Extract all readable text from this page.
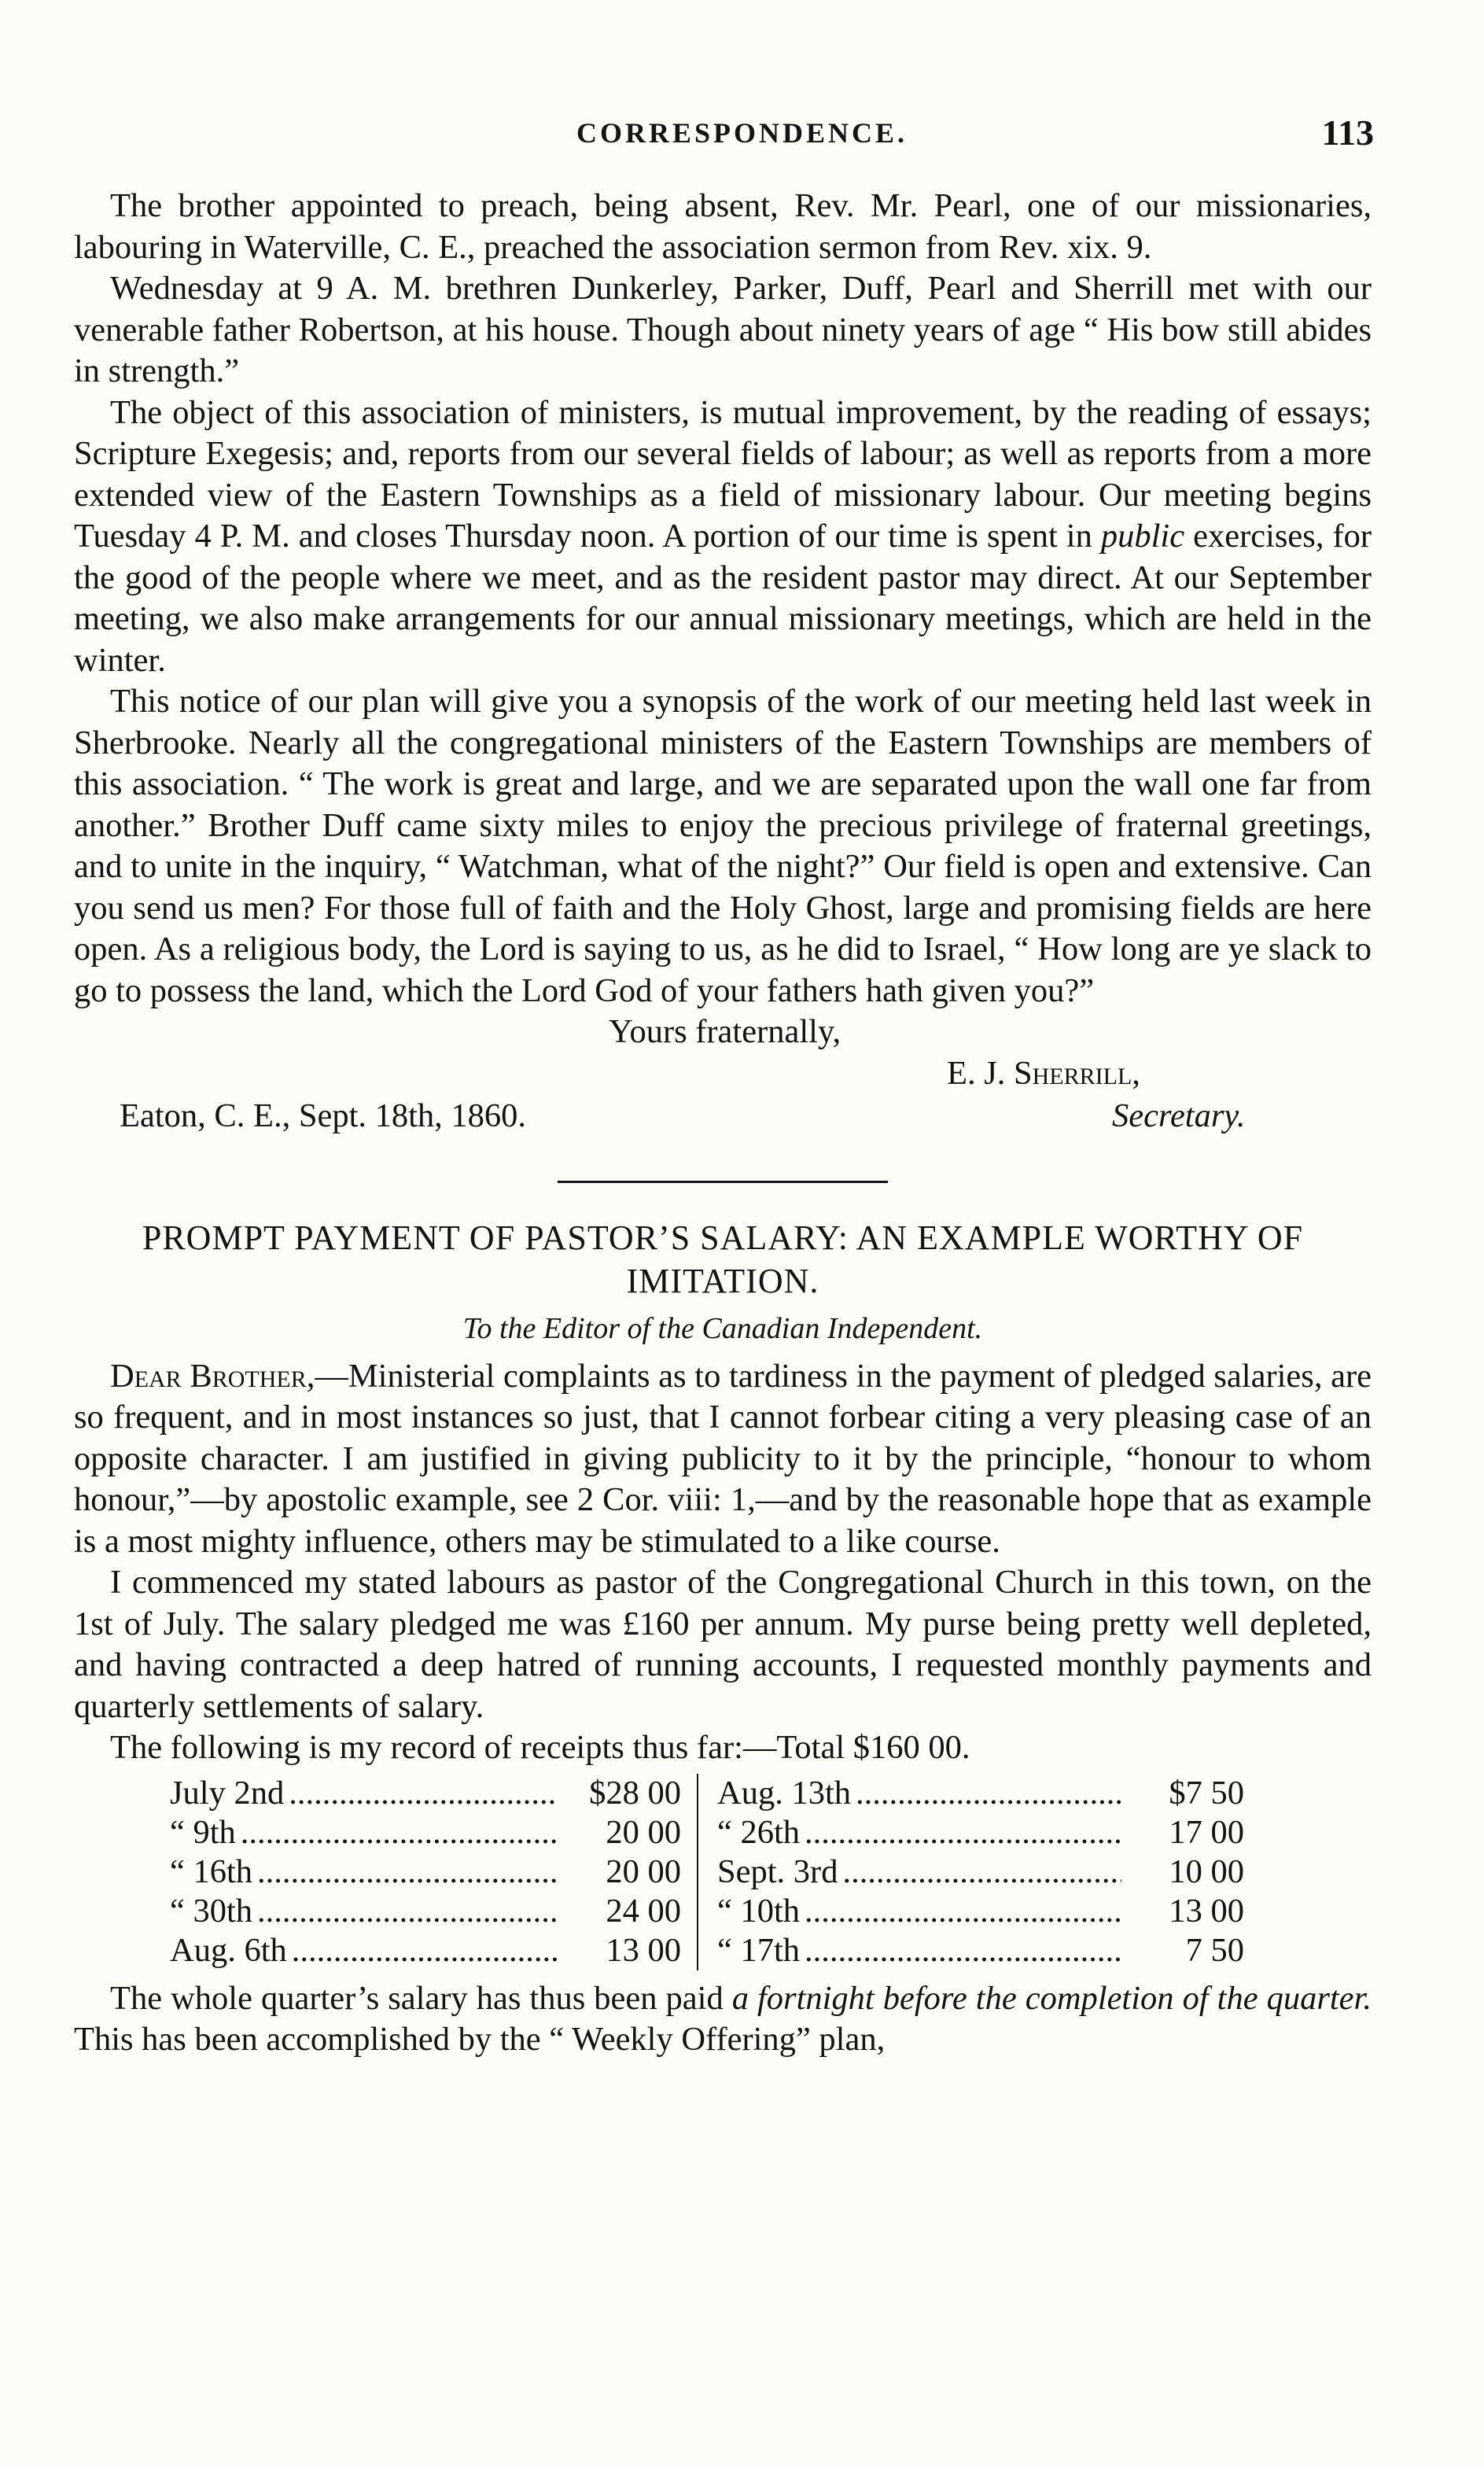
CORRESPONDENCE.	113

The brother appointed to preach, being absent, Rev. Mr. Pearl, one of our missionaries, labouring in Waterville, C. E., preached the association sermon from Rev. xix. 9.

Wednesday at 9 A. M. brethren Dunkerley, Parker, Duff, Pearl and Sherrill met with our venerable father Robertson, at his house. Though about ninety years of age “ His bow still abides in strength.”

The object of this association of ministers, is mutual improvement, by the reading of essays; Scripture Exegesis; and, reports from our several fields of labour; as well as reports from a more extended view of the Eastern Townships as a field of missionary labour. Our meeting begins Tuesday 4 P. M. and closes Thursday noon. A portion of our time is spent in public exercises, for the good of the people where we meet, and as the resident pastor may direct. At our September meeting, we also make arrangements for our annual missionary meetings, which are held in the winter.

This notice of our plan will give you a synopsis of the work of our meeting held last week in Sherbrooke. Nearly all the congregational ministers of the Eastern Townships are members of this association. “ The work is great and large, and we are separated upon the wall one far from another.” Brother Duff came sixty miles to enjoy the precious privilege of fraternal greetings, and to unite in the inquiry, “ Watchman, what of the night?” Our field is open and extensive. Can you send us men? For those full of faith and the Holy Ghost, large and promising fields are here open. As a religious body, the Lord is saying to us, as he did to Israel, “ How long are ye slack to go to possess the land, which the Lord God of your fathers hath given you?”

Yours fraternally,

E. J. Sherrill,
Eaton, C. E., Sept. 18th, 1860.	Secretary.
PROMPT PAYMENT OF PASTOR’S SALARY: AN EXAMPLE WORTHY OF IMITATION.
To the Editor of the Canadian Independent.

Dear Brother,—Ministerial complaints as to tardiness in the payment of pledged salaries, are so frequent, and in most instances so just, that I cannot forbear citing a very pleasing case of an opposite character. I am justified in giving publicity to it by the principle, “honour to whom honour,”—by apostolic example, see 2 Cor. viii: 1,—and by the reasonable hope that as example is a most mighty influence, others may be stimulated to a like course.

I commenced my stated labours as pastor of the Congregational Church in this town, on the 1st of July. The salary pledged me was £160 per annum. My purse being pretty well depleted, and having contracted a deep hatred of running accounts, I requested monthly payments and quarterly settlements of salary.

The following is my record of receipts thus far:—Total $160 00.

July 2nd .....	$28 00
“ 9th .....	20 00
“ 16th .....	20 00
“ 30th .....	24 00
Aug. 6th .....	13 00
Aug. 13th .....	$7 50
“ 26th .....	17 00
Sept. 3rd .....	10 00
“ 10th .....	13 00
“ 17th .....	7 50

The whole quarter’s salary has thus been paid a fortnight before the completion of the quarter. This has been accomplished by the “ Weekly Offering” plan,
